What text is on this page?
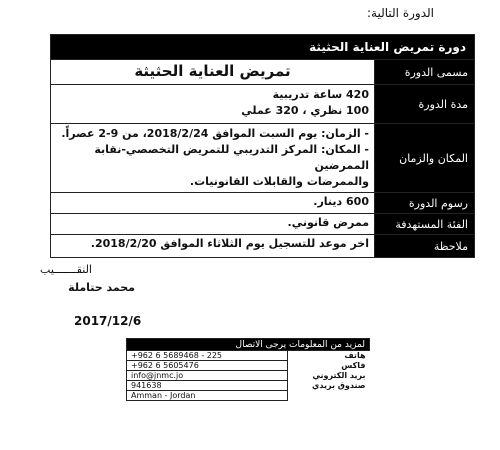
الدورة التالية:
دورة تمريض العناية الحثيثة	
مسمى الدورة	تمريض العناية الحثيثة
مدة الدورة	420 ساعة تدريبية
100 نظري ، 320 عملي

المكان والزمان	- الزمان: يوم السبت الموافق 2018/2/24، من 9-2 عصراً.
- المكان: المركز التدريبي للتمريض التخصصي-نقابة الممرضين
والممرضات والقابلات القانونيات.

رسوم الدورة	600 دينار.
الفئة المستهدفة	ممرض قانوني.
ملاحظة	اخر موعد للتسجيل يوم الثلاثاء الموافق 2018/2/20.
النقـــــــيب
محمد حتاملة
2017/12/6
لمزيد من المعلومات يرجى الاتصال	
+962 6 5689468 - 225	هاتف
+962 6 5605476	فاكس
info@jnmc.jo	بريد الكتروني
941638	صندوق بريدي
Amman - Jordan	
